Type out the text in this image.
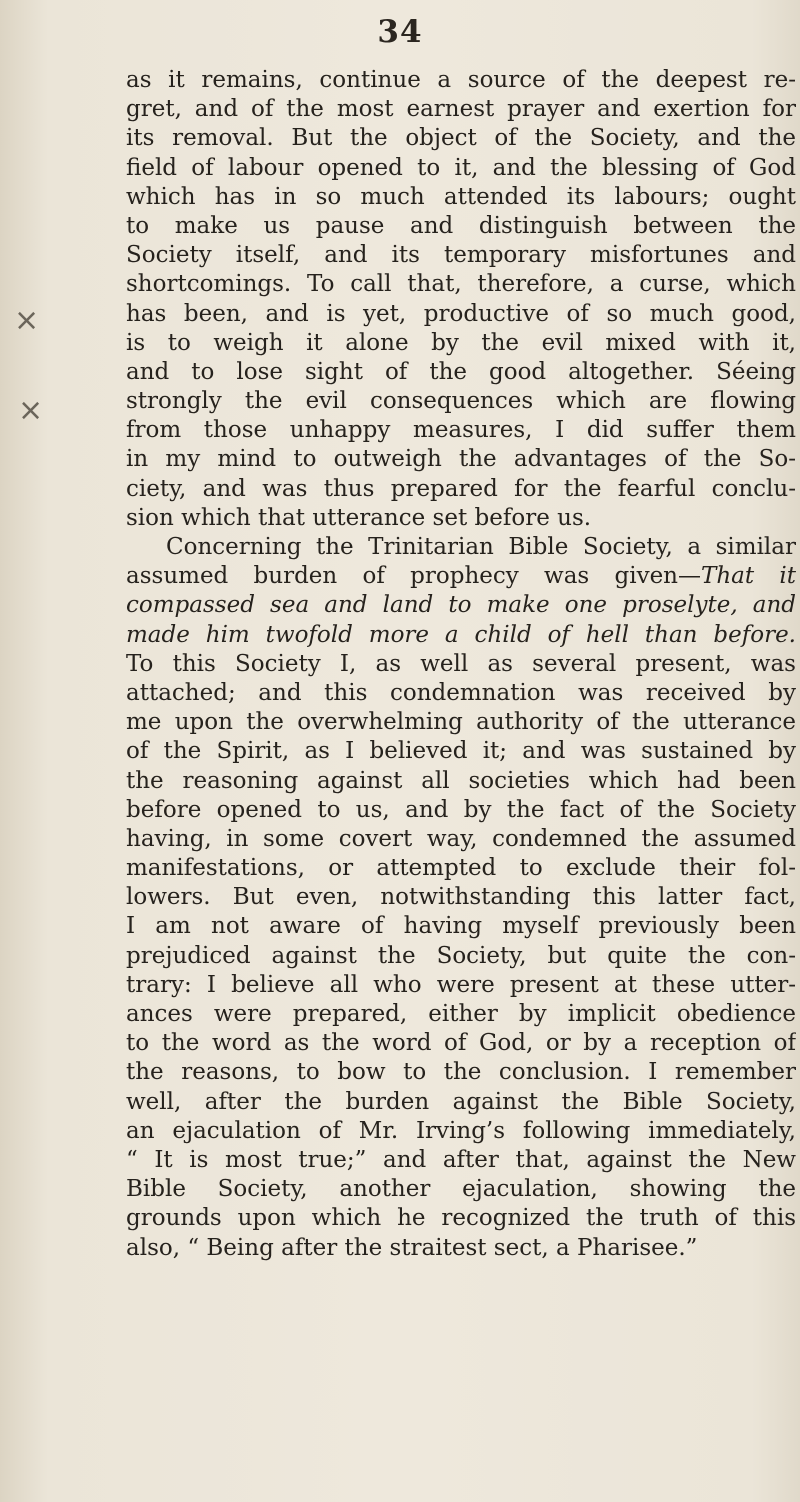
34
×
×
as it remains, continue a source of the deepest re-
gret, and of the most earnest prayer and exertion for
its removal. But the object of the Society, and the
field of labour opened to it, and the blessing of God
which has in so much attended its labours; ought
to make us pause and distinguish between the
Society itself, and its temporary misfortunes and
shortcomings. To call that, therefore, a curse, which
has been, and is yet, productive of so much good,
is to weigh it alone by the evil mixed with it,
and to lose sight of the good altogether. Séeing
strongly the evil consequences which are flowing
from those unhappy measures, I did suffer them
in my mind to outweigh the advantages of the So-
ciety, and was thus prepared for the fearful conclu-
sion which that utterance set before us.
Concerning the Trinitarian Bible Society, a similar
assumed burden of prophecy was given—That it
compassed sea and land to make one proselyte, and
made him twofold more a child of hell than before.
To this Society I, as well as several present, was
attached; and this condemnation was received by
me upon the overwhelming authority of the utterance
of the Spirit, as I believed it; and was sustained by
the reasoning against all societies which had been
before opened to us, and by the fact of the Society
having, in some covert way, condemned the assumed
manifestations, or attempted to exclude their fol-
lowers. But even, notwithstanding this latter fact,
I am not aware of having myself previously been
prejudiced against the Society, but quite the con-
trary: I believe all who were present at these utter-
ances were prepared, either by implicit obedience
to the word as the word of God, or by a reception of
the reasons, to bow to the conclusion. I remember
well, after the burden against the Bible Society,
an ejaculation of Mr. Irving’s following immediately,
“ It is most true;” and after that, against the New
Bible Society, another ejaculation, showing the
grounds upon which he recognized the truth of this
also, “ Being after the straitest sect, a Pharisee.”
